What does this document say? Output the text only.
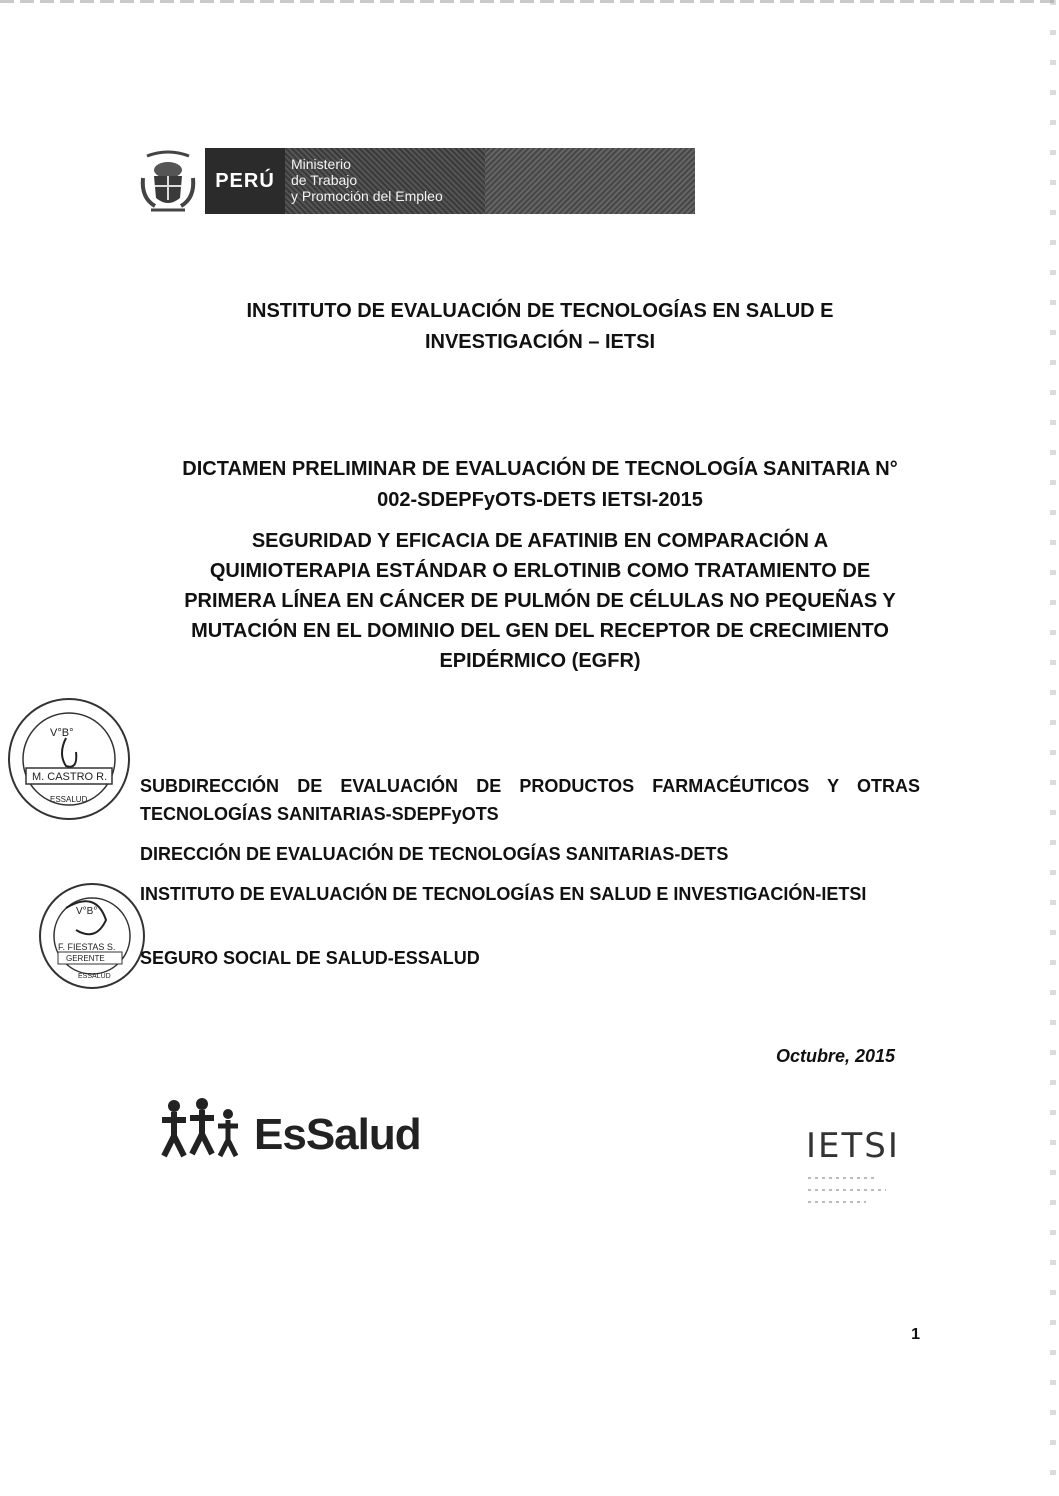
PERÚ
Ministerio
de Trabajo
y Promoción del Empleo
INSTITUTO DE EVALUACIÓN DE TECNOLOGÍAS EN SALUD E
INVESTIGACIÓN – IETSI
DICTAMEN PRELIMINAR DE EVALUACIÓN DE TECNOLOGÍA SANITARIA N°
002-SDEPFyOTS-DETS IETSI-2015
SEGURIDAD Y EFICACIA DE AFATINIB EN COMPARACIÓN A
QUIMIOTERAPIA ESTÁNDAR O ERLOTINIB COMO TRATAMIENTO DE
PRIMERA LÍNEA EN CÁNCER DE PULMÓN DE CÉLULAS NO PEQUEÑAS Y
MUTACIÓN EN EL DOMINIO DEL GEN DEL RECEPTOR DE CRECIMIENTO
EPIDÉRMICO (EGFR)
V°B°
M. CASTRO R.
ESSALUD
V°B°
F. FIESTAS S.
GERENTE
ESSALUD
SUBDIRECCIÓN DE EVALUACIÓN DE PRODUCTOS FARMACÉUTICOS Y OTRAS TECNOLOGÍAS SANITARIAS-SDEPFyOTS
DIRECCIÓN DE EVALUACIÓN DE TECNOLOGÍAS SANITARIAS-DETS
INSTITUTO DE EVALUACIÓN DE TECNOLOGÍAS EN SALUD E INVESTIGACIÓN-IETSI
SEGURO SOCIAL DE SALUD-ESSALUD
Octubre, 2015
EsSalud	IETSI
1
